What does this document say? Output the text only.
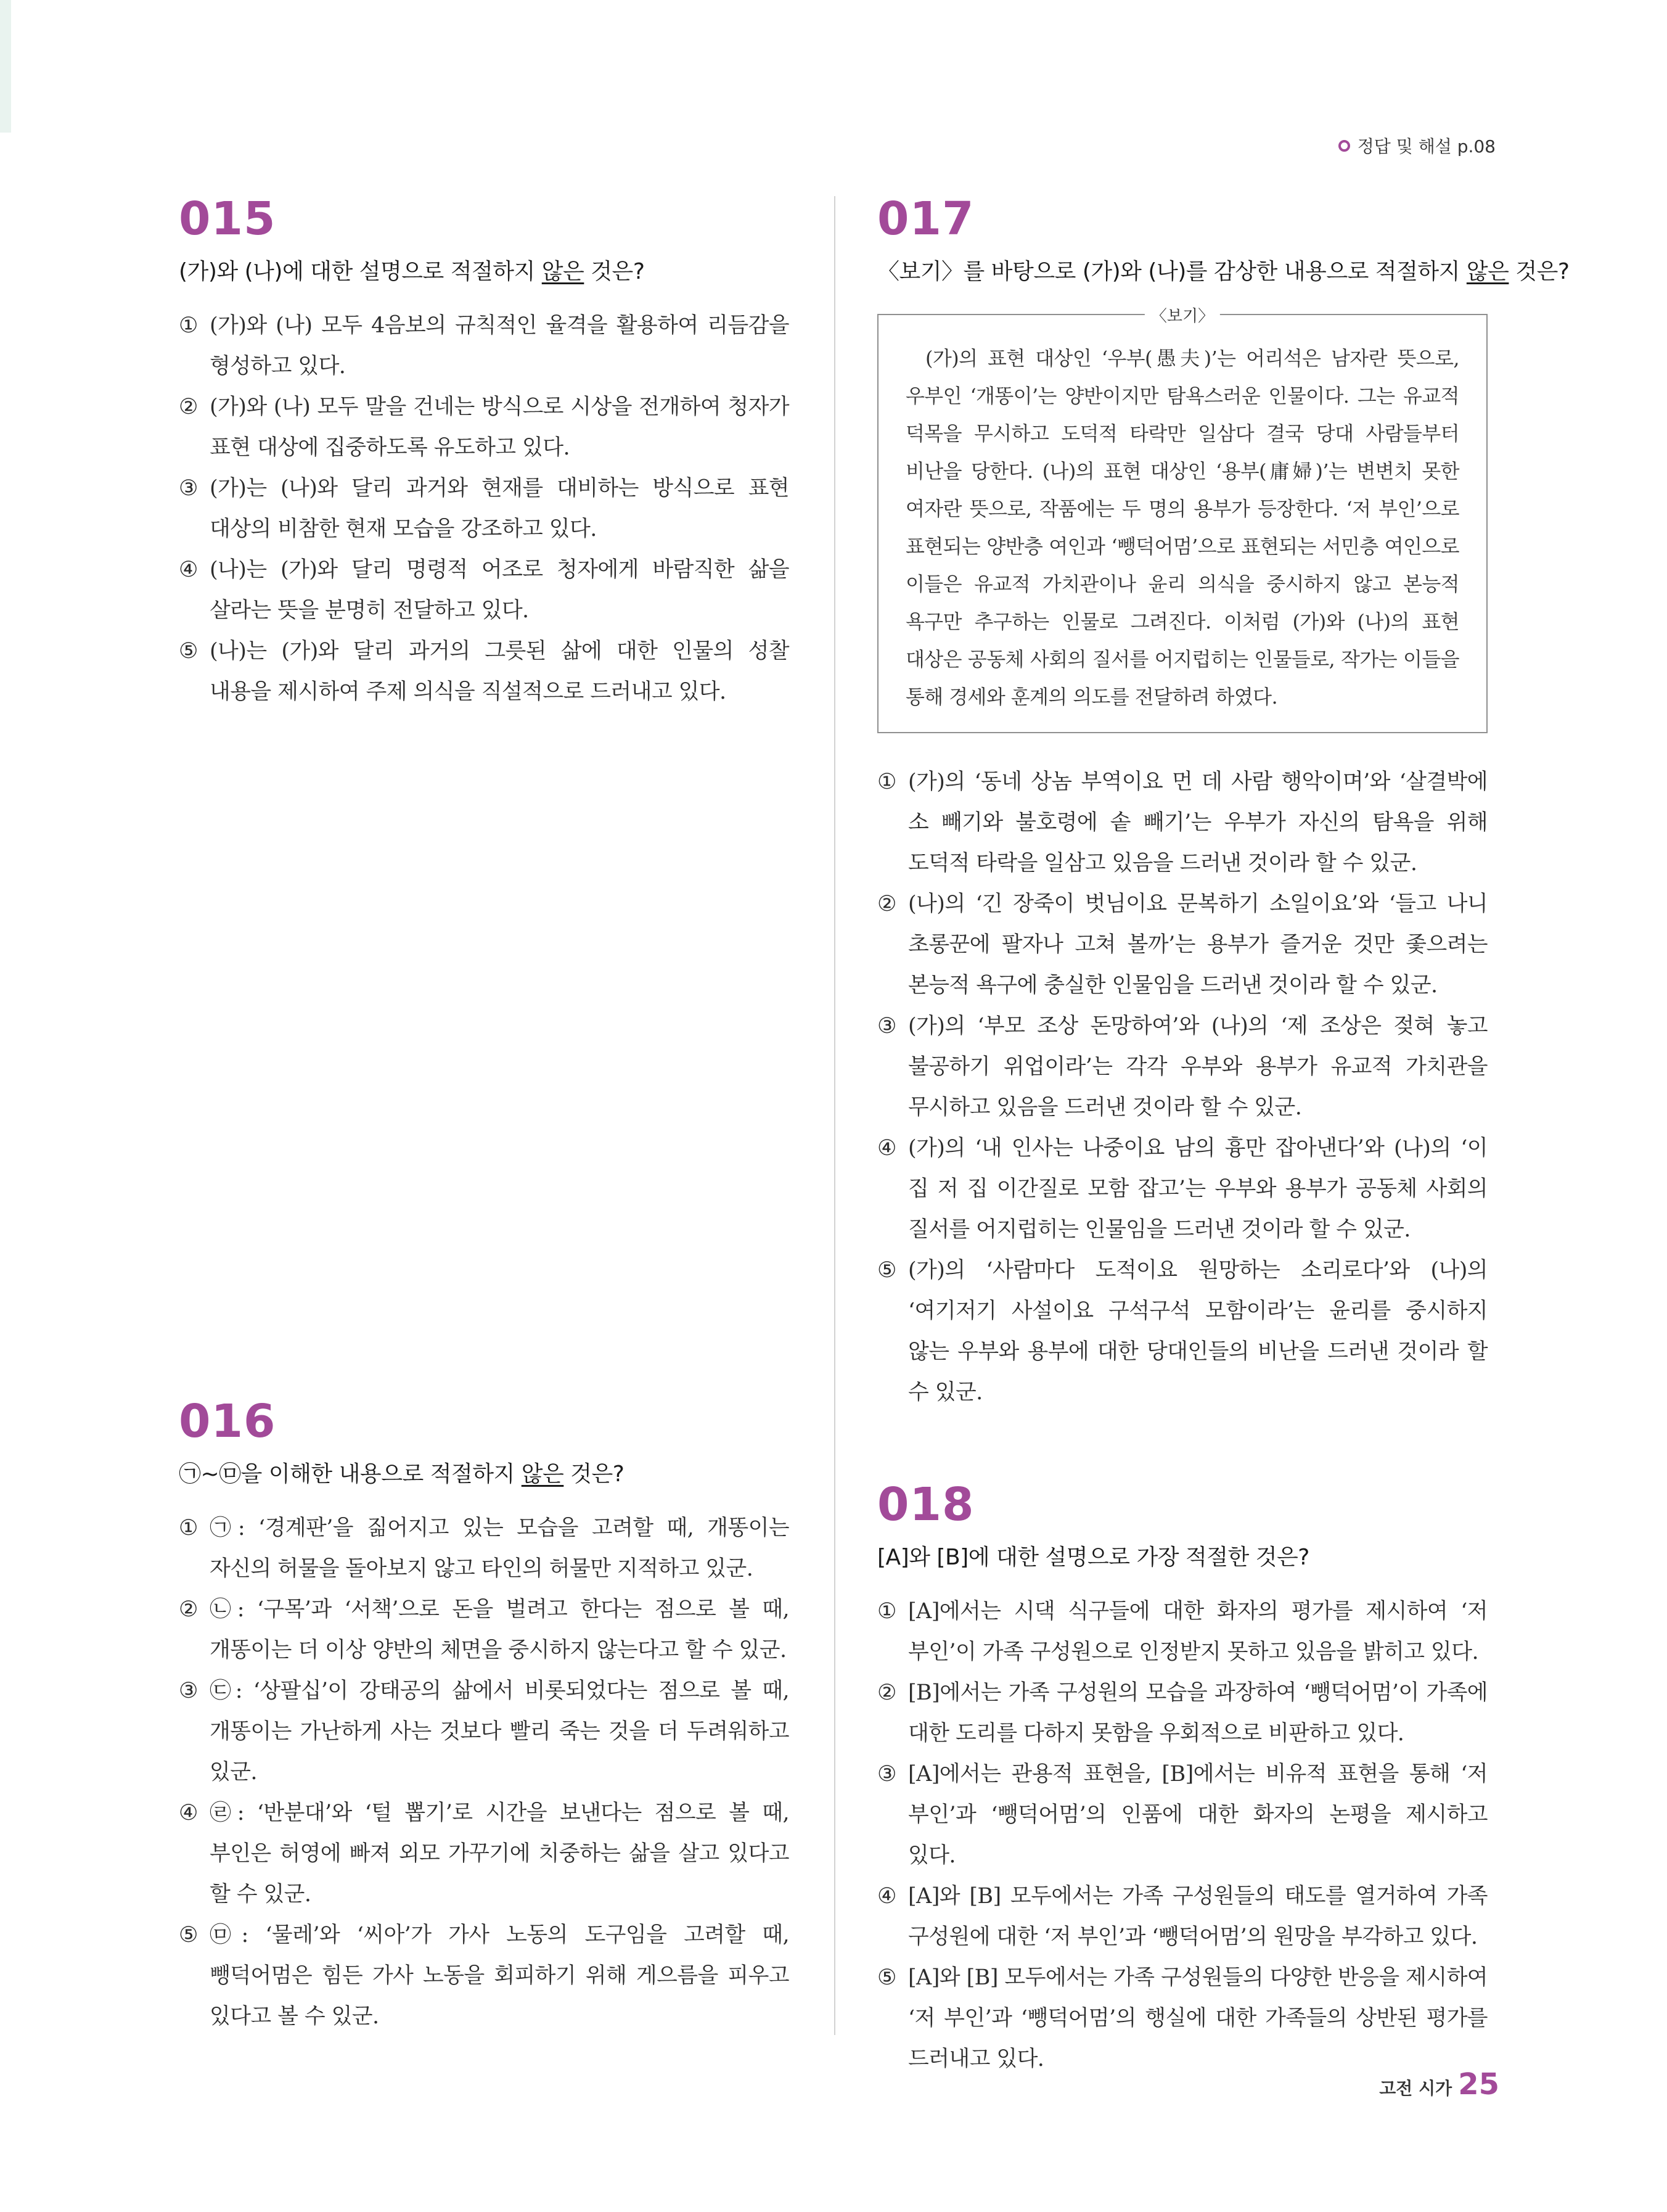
정답 및 해설 p.08
015
(가)와 (나)에 대한 설명으로 적절하지 않은 것은?
① (가)와 (나) 모두 4음보의 규칙적인 율격을 활용하여 리듬감을 형성하고 있다.
② (가)와 (나) 모두 말을 건네는 방식으로 시상을 전개하여 청자가 표현 대상에 집중하도록 유도하고 있다.
③ (가)는 (나)와 달리 과거와 현재를 대비하는 방식으로 표현 대상의 비참한 현재 모습을 강조하고 있다.
④ (나)는 (가)와 달리 명령적 어조로 청자에게 바람직한 삶을 살라는 뜻을 분명히 전달하고 있다.
⑤ (나)는 (가)와 달리 과거의 그릇된 삶에 대한 인물의 성찰 내용을 제시하여 주제 의식을 직설적으로 드러내고 있다.
016
㉠~㉤을 이해한 내용으로 적절하지 않은 것은?
① ㉠: ‘경계판’을 짊어지고 있는 모습을 고려할 때, 개똥이는 자신의 허물을 돌아보지 않고 타인의 허물만 지적하고 있군.
② ㉡: ‘구목’과 ‘서책’으로 돈을 벌려고 한다는 점으로 볼 때, 개똥이는 더 이상 양반의 체면을 중시하지 않는다고 할 수 있군.
③ ㉢: ‘상팔십’이 강태공의 삶에서 비롯되었다는 점으로 볼 때, 개똥이는 가난하게 사는 것보다 빨리 죽는 것을 더 두려워하고 있군.
④ ㉣: ‘반분대’와 ‘털 뽑기’로 시간을 보낸다는 점으로 볼 때, 부인은 허영에 빠져 외모 가꾸기에 치중하는 삶을 살고 있다고 할 수 있군.
⑤ ㉤: ‘물레’와 ‘씨아’가 가사 노동의 도구임을 고려할 때, 뺑덕어멈은 힘든 가사 노동을 회피하기 위해 게으름을 피우고 있다고 볼 수 있군.
017
〈보기〉를 바탕으로 (가)와 (나)를 감상한 내용으로 적절하지 않은 것은?
〈보기〉

(가)의 표현 대상인 ‘우부(愚夫)’는 어리석은 남자란 뜻으로, 우부인 ‘개똥이’는 양반이지만 탐욕스러운 인물이다. 그는 유교적 덕목을 무시하고 도덕적 타락만 일삼다 결국 당대 사람들부터 비난을 당한다. (나)의 표현 대상인 ‘용부(庸婦)’는 변변치 못한 여자란 뜻으로, 작품에는 두 명의 용부가 등장한다. ‘저 부인’으로 표현되는 양반층 여인과 ‘뺑덕어멈’으로 표현되는 서민층 여인으로 이들은 유교적 가치관이나 윤리 의식을 중시하지 않고 본능적 욕구만 추구하는 인물로 그려진다. 이처럼 (가)와 (나)의 표현 대상은 공동체 사회의 질서를 어지럽히는 인물들로, 작가는 이들을 통해 경세와 훈계의 의도를 전달하려 하였다.

① (가)의 ‘동네 상놈 부역이요 먼 데 사람 행악이며’와 ‘살결박에 소 빼기와 불호령에 솥 빼기’는 우부가 자신의 탐욕을 위해 도덕적 타락을 일삼고 있음을 드러낸 것이라 할 수 있군.
② (나)의 ‘긴 장죽이 벗님이요 문복하기 소일이요’와 ‘들고 나니 초롱꾼에 팔자나 고쳐 볼까’는 용부가 즐거운 것만 좇으려는 본능적 욕구에 충실한 인물임을 드러낸 것이라 할 수 있군.
③ (가)의 ‘부모 조상 돈망하여’와 (나)의 ‘제 조상은 젖혀 놓고 불공하기 위업이라’는 각각 우부와 용부가 유교적 가치관을 무시하고 있음을 드러낸 것이라 할 수 있군.
④ (가)의 ‘내 인사는 나중이요 남의 흉만 잡아낸다’와 (나)의 ‘이 집 저 집 이간질로 모함 잡고’는 우부와 용부가 공동체 사회의 질서를 어지럽히는 인물임을 드러낸 것이라 할 수 있군.
⑤ (가)의 ‘사람마다 도적이요 원망하는 소리로다’와 (나)의 ‘여기저기 사설이요 구석구석 모함이라’는 윤리를 중시하지 않는 우부와 용부에 대한 당대인들의 비난을 드러낸 것이라 할 수 있군.
018
[A]와 [B]에 대한 설명으로 가장 적절한 것은?
① [A]에서는 시댁 식구들에 대한 화자의 평가를 제시하여 ‘저 부인’이 가족 구성원으로 인정받지 못하고 있음을 밝히고 있다.
② [B]에서는 가족 구성원의 모습을 과장하여 ‘뺑덕어멈’이 가족에 대한 도리를 다하지 못함을 우회적으로 비판하고 있다.
③ [A]에서는 관용적 표현을, [B]에서는 비유적 표현을 통해 ‘저 부인’과 ‘뺑덕어멈’의 인품에 대한 화자의 논평을 제시하고 있다.
④ [A]와 [B] 모두에서는 가족 구성원들의 태도를 열거하여 가족 구성원에 대한 ‘저 부인’과 ‘뺑덕어멈’의 원망을 부각하고 있다.
⑤ [A]와 [B] 모두에서는 가족 구성원들의 다양한 반응을 제시하여 ‘저 부인’과 ‘뺑덕어멈’의 행실에 대한 가족들의 상반된 평가를 드러내고 있다.
고전 시가 25
